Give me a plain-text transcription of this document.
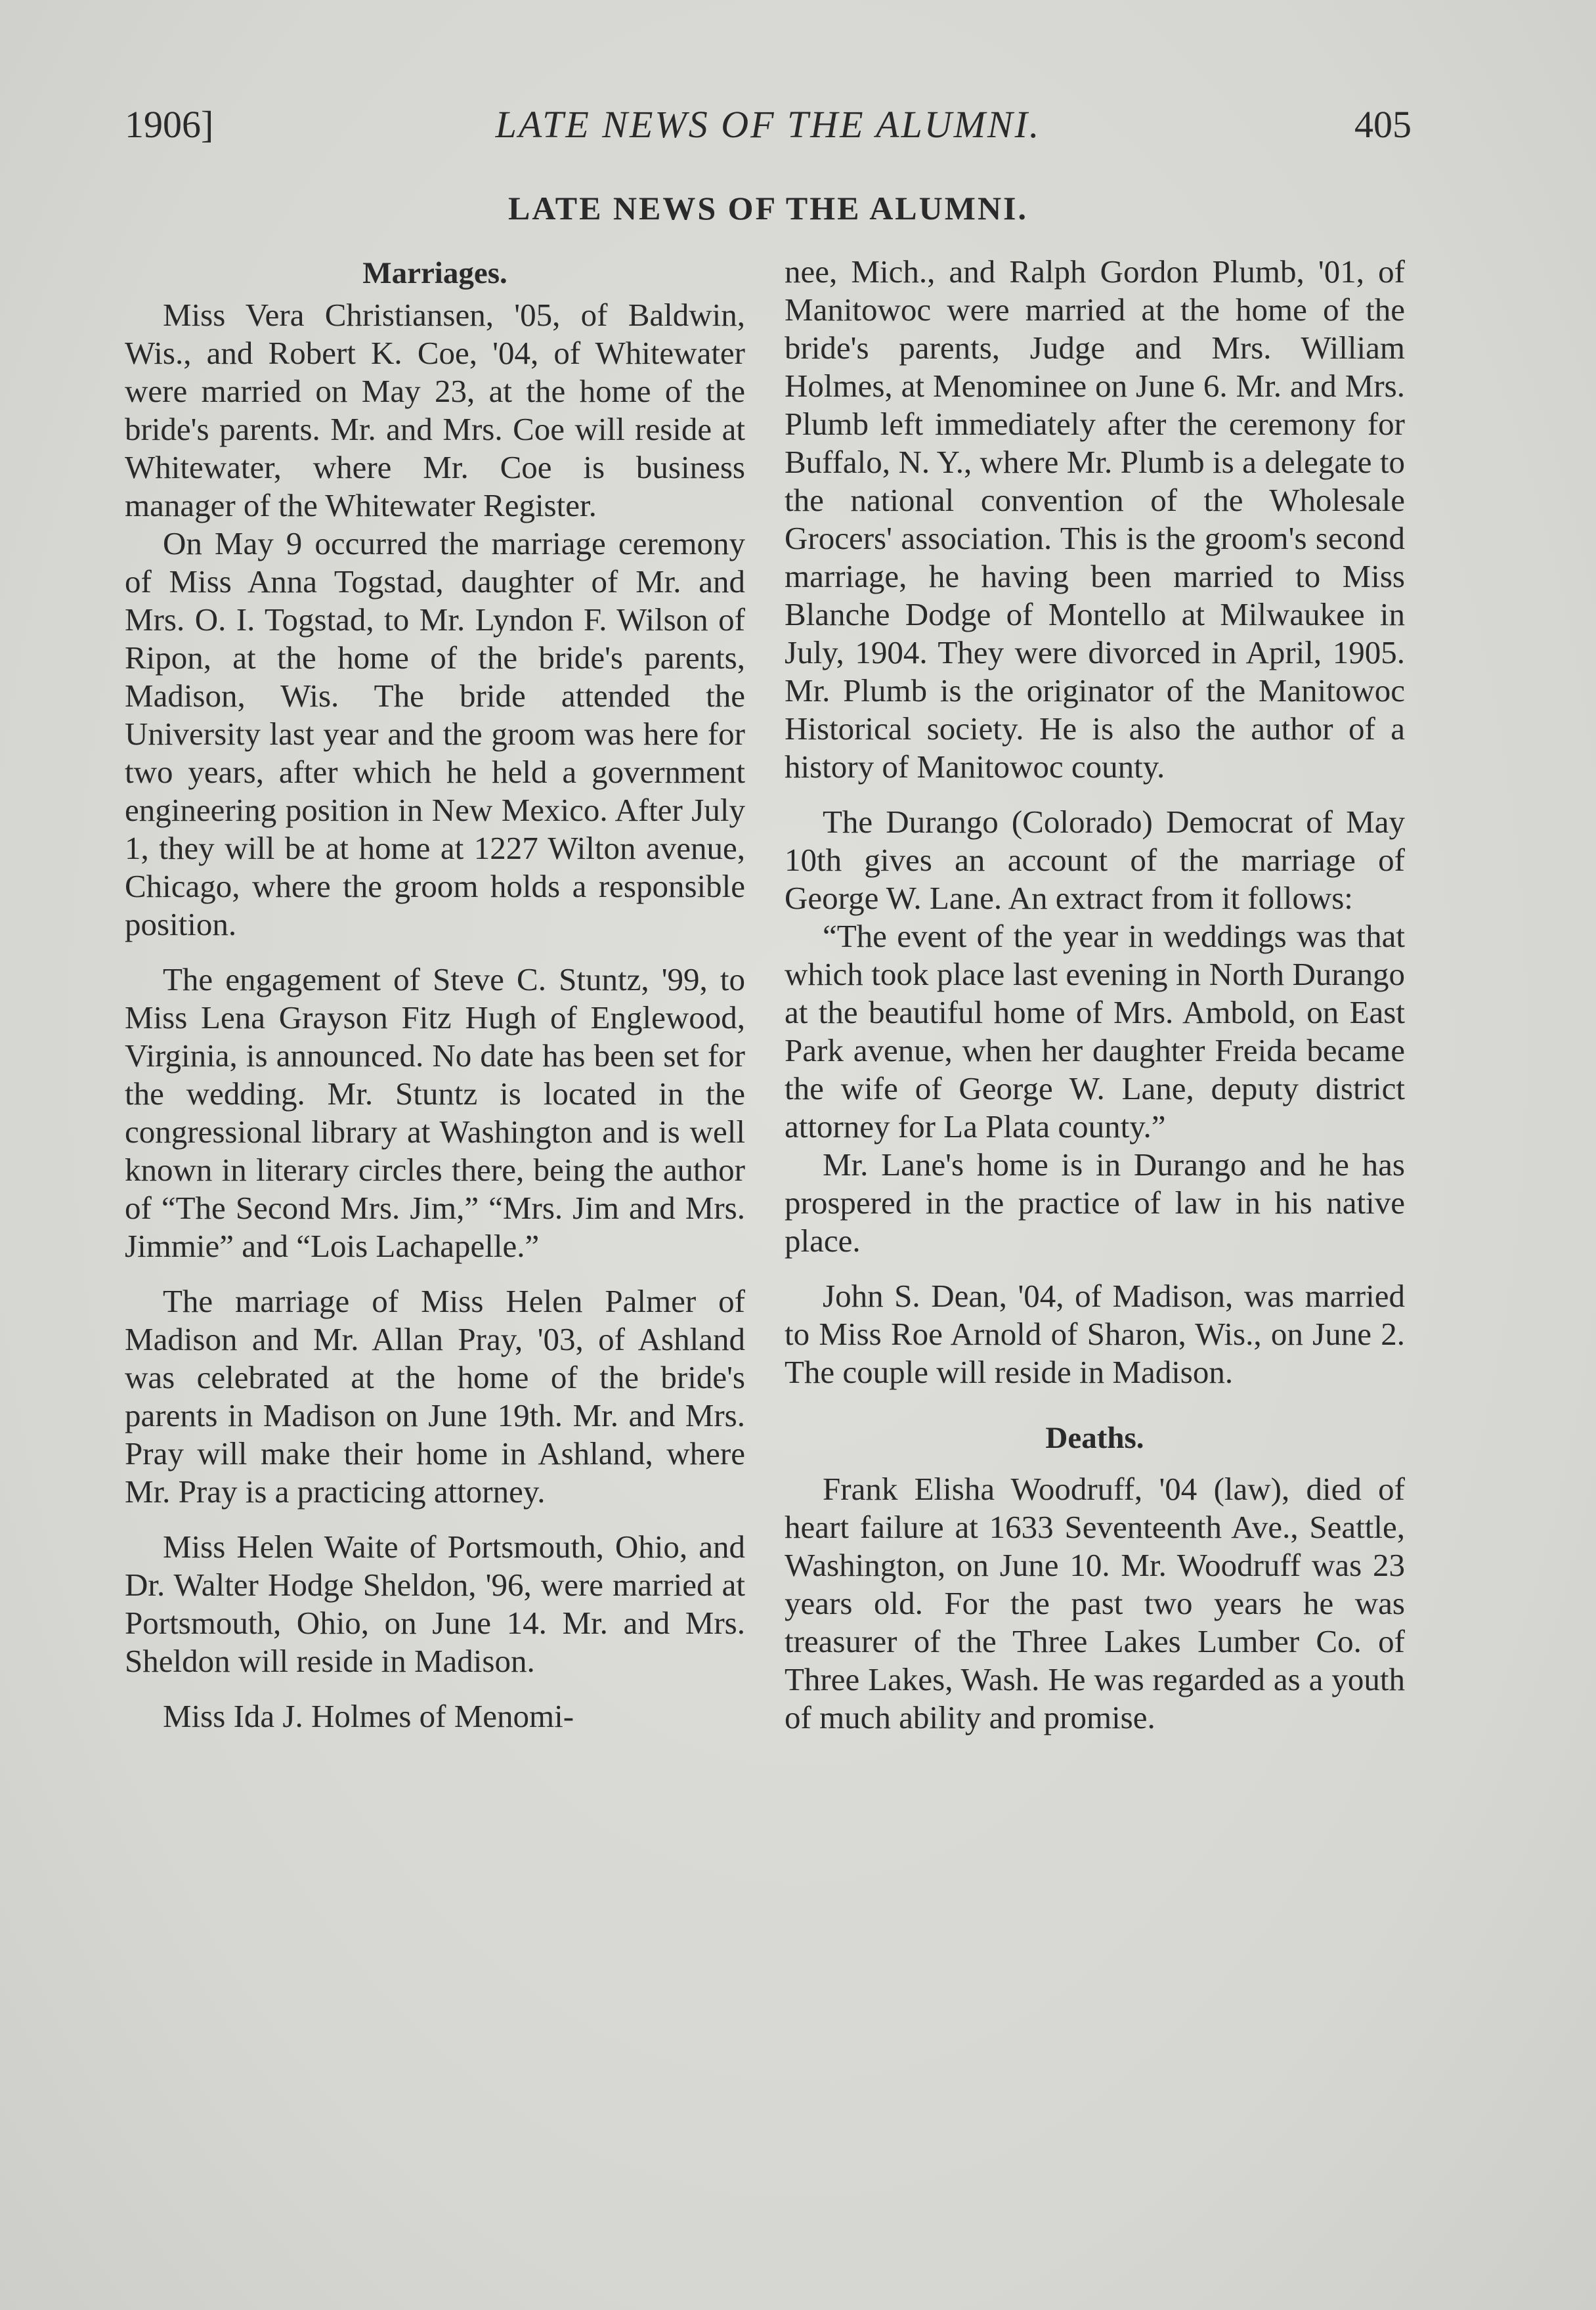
1906]	LATE NEWS OF THE ALUMNI.	405
LATE NEWS OF THE ALUMNI.
Marriages.

Miss Vera Christiansen, '05, of Baldwin, Wis., and Robert K. Coe, '04, of Whitewater were married on May 23, at the home of the bride's parents. Mr. and Mrs. Coe will reside at Whitewater, where Mr. Coe is business manager of the Whitewater Register.

On May 9 occurred the marriage ceremony of Miss Anna Togstad, daughter of Mr. and Mrs. O. I. Togstad, to Mr. Lyndon F. Wilson of Ripon, at the home of the bride's parents, Madison, Wis. The bride attended the University last year and the groom was here for two years, after which he held a government engineering position in New Mexico. After July 1, they will be at home at 1227 Wilton avenue, Chicago, where the groom holds a responsible position.

The engagement of Steve C. Stuntz, '99, to Miss Lena Grayson Fitz Hugh of Englewood, Virginia, is announced. No date has been set for the wedding. Mr. Stuntz is located in the congressional library at Washington and is well known in literary circles there, being the author of “The Second Mrs. Jim,” “Mrs. Jim and Mrs. Jimmie” and “Lois Lachapelle.”

The marriage of Miss Helen Palmer of Madison and Mr. Allan Pray, '03, of Ashland was celebrated at the home of the bride's parents in Madison on June 19th. Mr. and Mrs. Pray will make their home in Ashland, where Mr. Pray is a practicing attorney.

Miss Helen Waite of Portsmouth, Ohio, and Dr. Walter Hodge Sheldon, '96, were married at Portsmouth, Ohio, on June 14. Mr. and Mrs. Sheldon will reside in Madison.

Miss Ida J. Holmes of Menomi-

nee, Mich., and Ralph Gordon Plumb, '01, of Manitowoc were married at the home of the bride's parents, Judge and Mrs. William Holmes, at Menominee on June 6. Mr. and Mrs. Plumb left immediately after the ceremony for Buffalo, N. Y., where Mr. Plumb is a delegate to the national convention of the Wholesale Grocers' association. This is the groom's second marriage, he having been married to Miss Blanche Dodge of Montello at Milwaukee in July, 1904. They were divorced in April, 1905. Mr. Plumb is the originator of the Manitowoc Historical society. He is also the author of a history of Manitowoc county.

The Durango (Colorado) Democrat of May 10th gives an account of the marriage of George W. Lane. An extract from it follows:

“The event of the year in weddings was that which took place last evening in North Durango at the beautiful home of Mrs. Ambold, on East Park avenue, when her daughter Freida became the wife of George W. Lane, deputy district attorney for La Plata county.”

Mr. Lane's home is in Durango and he has prospered in the practice of law in his native place.

John S. Dean, '04, of Madison, was married to Miss Roe Arnold of Sharon, Wis., on June 2. The couple will reside in Madison.

Deaths.

Frank Elisha Woodruff, '04 (law), died of heart failure at 1633 Seventeenth Ave., Seattle, Washington, on June 10. Mr. Woodruff was 23 years old. For the past two years he was treasurer of the Three Lakes Lumber Co. of Three Lakes, Wash. He was regarded as a youth of much ability and promise.
